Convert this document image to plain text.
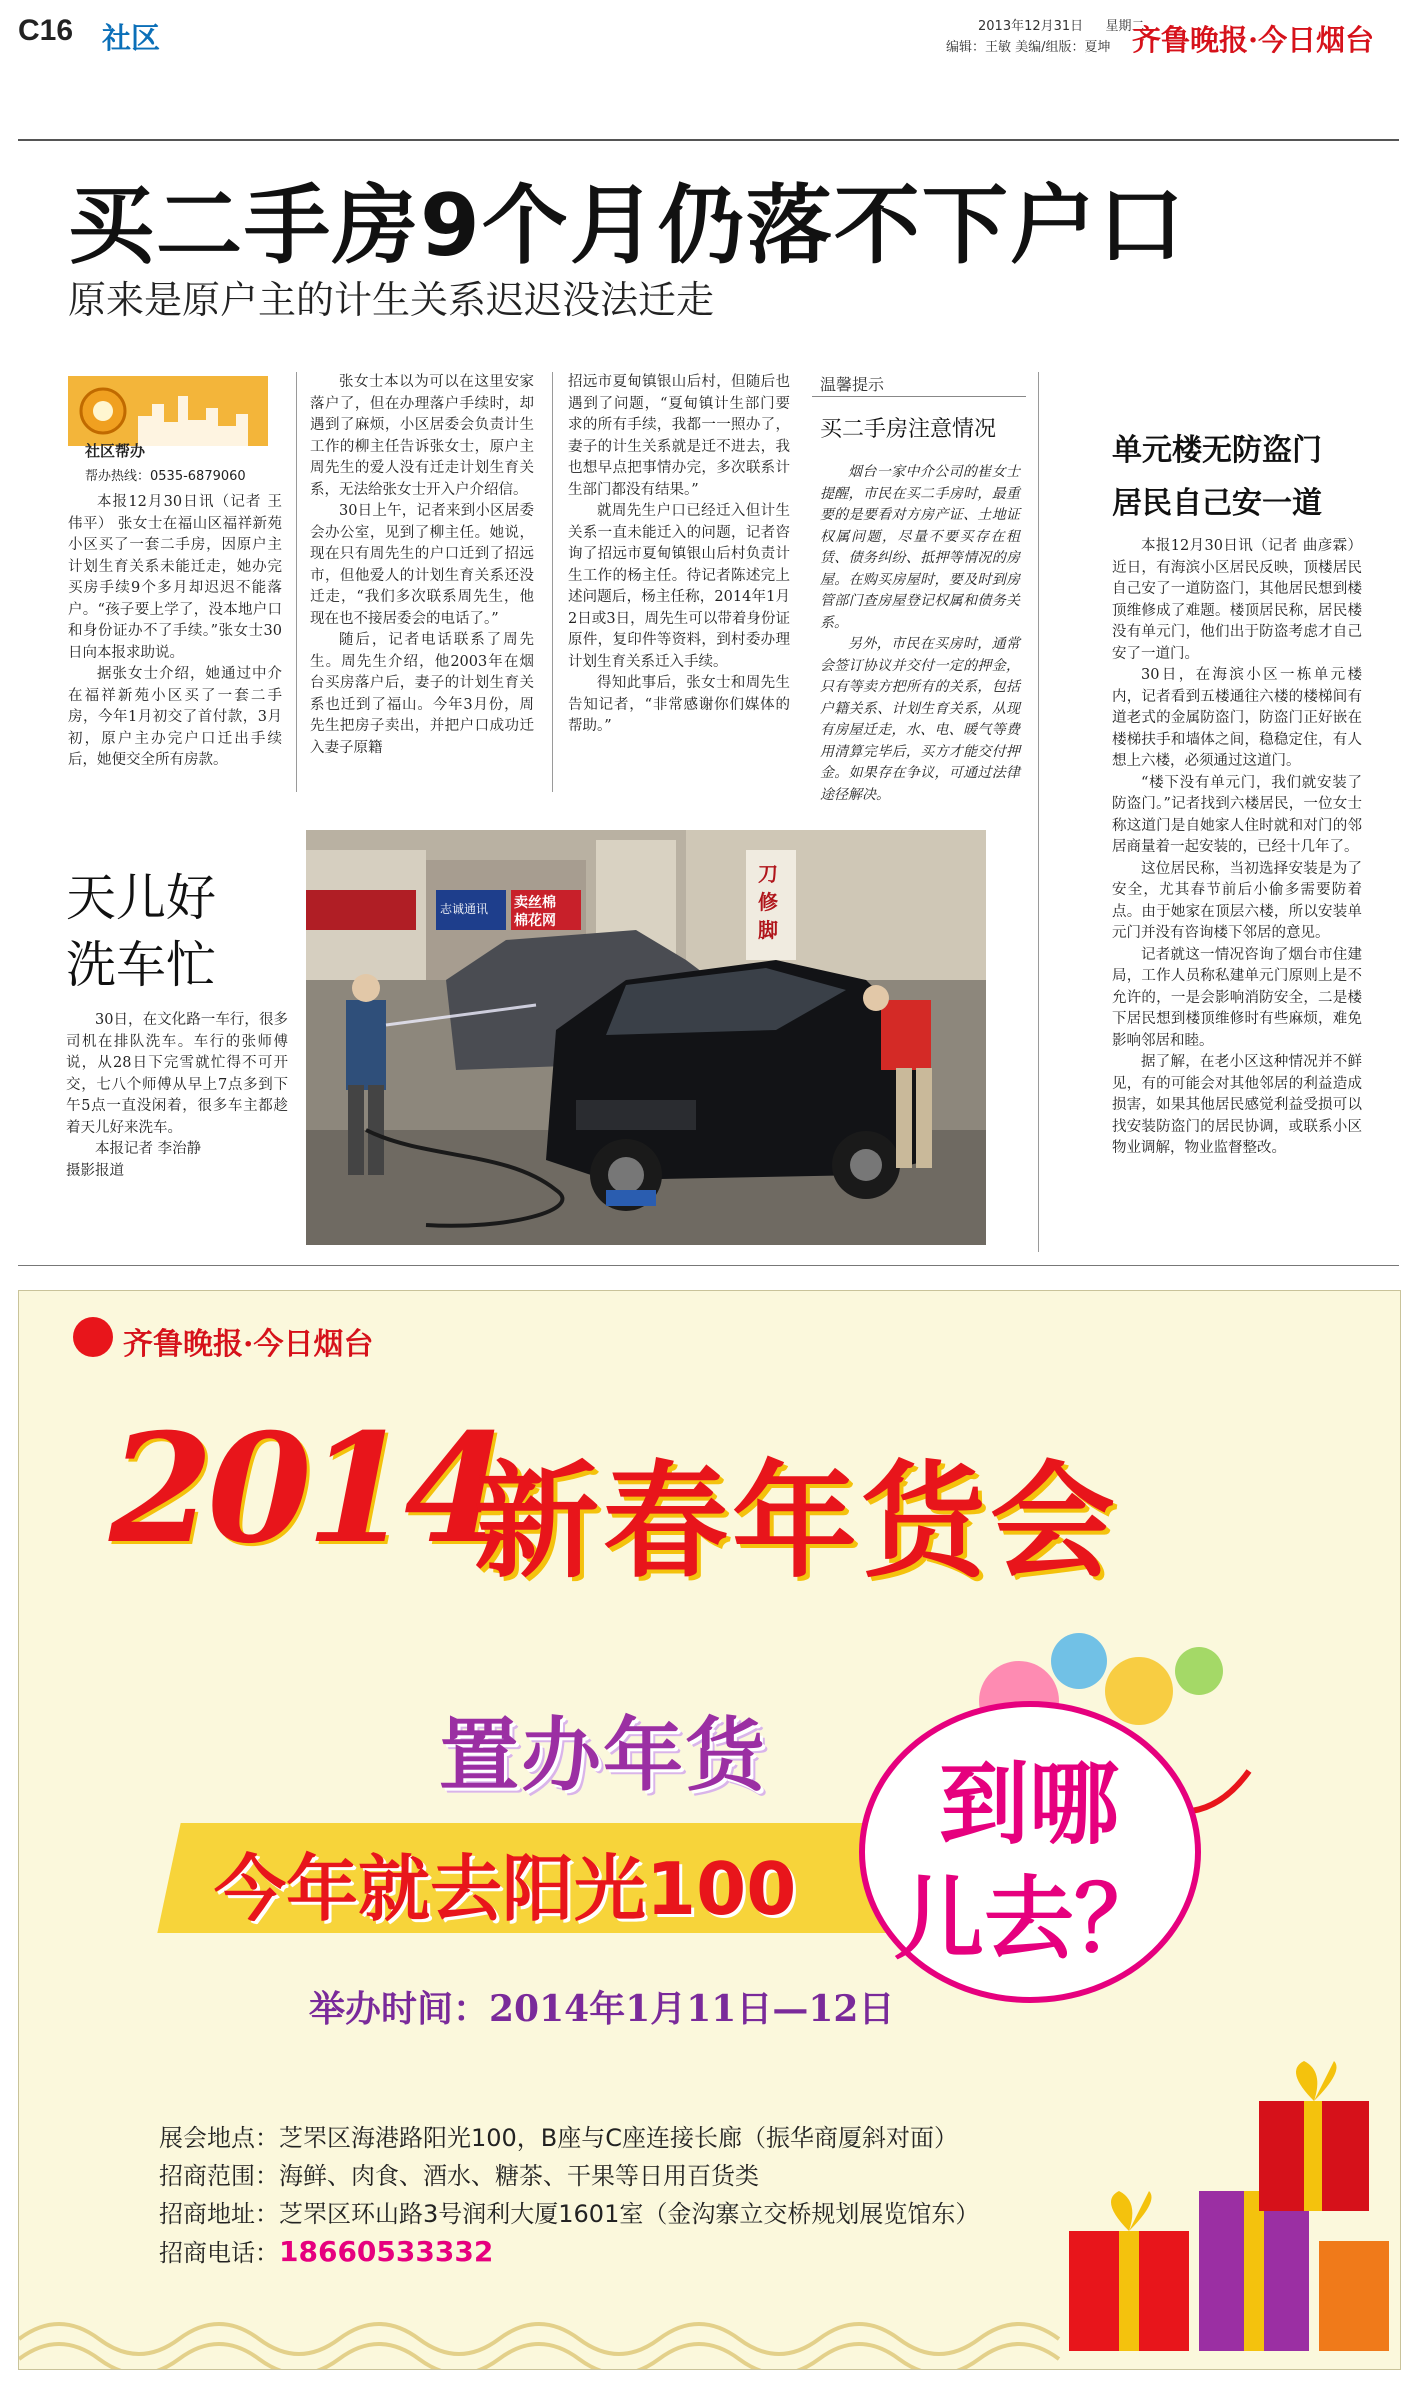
C16 社区	2013年12月31日 星期二
编辑：王敏 美编/组版：夏坤 齐鲁晚报·今日烟台
买二手房9个月仍落不下户口
原来是原户主的计生关系迟迟没法迁走
社区帮办
帮办热线：0535-6879060

本报12月30日讯（记者 王伟平） 张女士在福山区福祥新苑小区买了一套二手房，因原户主计划生育关系未能迁走，她办完买房手续9个多月却迟迟不能落户。“孩子要上学了，没本地户口和身份证办不了手续。”张女士30日向本报求助说。

据张女士介绍，她通过中介在福祥新苑小区买了一套二手房，今年1月初交了首付款，3月初，原户主办完户口迁出手续后，她便交全所有房款。

张女士本以为可以在这里安家落户了，但在办理落户手续时，却遇到了麻烦，小区居委会负责计生工作的柳主任告诉张女士，原户主周先生的爱人没有迁走计划生育关系，无法给张女士开入户介绍信。

30日上午，记者来到小区居委会办公室，见到了柳主任。她说，现在只有周先生的户口迁到了招远市，但他爱人的计划生育关系还没迁走，“我们多次联系周先生，他现在也不接居委会的电话了。”

随后，记者电话联系了周先生。周先生介绍，他2003年在烟台买房落户后，妻子的计划生育关系也迁到了福山。今年3月份，周先生把房子卖出，并把户口成功迁入妻子原籍

招远市夏甸镇银山后村，但随后也遇到了问题，“夏甸镇计生部门要求的所有手续，我都一一照办了，妻子的计生关系就是迁不进去，我也想早点把事情办完，多次联系计生部门都没有结果。”

就周先生户口已经迁入但计生关系一直未能迁入的问题，记者咨询了招远市夏甸镇银山后村负责计生工作的杨主任。待记者陈述完上述问题后，杨主任称，2014年1月2日或3日，周先生可以带着身份证原件，复印件等资料，到村委办理计划生育关系迁入手续。

得知此事后，张女士和周先生告知记者，“非常感谢你们媒体的帮助。”

温馨提示
买二手房注意情况

烟台一家中介公司的崔女士提醒，市民在买二手房时，最重要的是要看对方房产证、土地证权属问题，尽量不要买存在租赁、债务纠纷、抵押等情况的房屋。在购买房屋时，要及时到房管部门查房屋登记权属和债务关系。

另外，市民在买房时，通常会签订协议并交付一定的押金，只有等卖方把所有的关系，包括户籍关系、计划生育关系，从现有房屋迁走，水、电、暖气等费用清算完毕后，买方才能交付押金。如果存在争议，可通过法律途径解决。

单元楼无防盗门
居民自己安一道

本报12月30日讯（记者 曲彦霖） 近日，有海滨小区居民反映，顶楼居民自己安了一道防盗门，其他居民想到楼顶维修成了难题。楼顶居民称，居民楼没有单元门，他们出于防盗考虑才自己安了一道门。

30日，在海滨小区一栋单元楼内，记者看到五楼通往六楼的楼梯间有道老式的金属防盗门，防盗门正好嵌在楼梯扶手和墙体之间，稳稳定住，有人想上六楼，必须通过这道门。

“楼下没有单元门，我们就安装了防盗门。”记者找到六楼居民，一位女士称这道门是自她家人住时就和对门的邻居商量着一起安装的，已经十几年了。

这位居民称，当初选择安装是为了安全，尤其春节前后小偷多需要防着点。由于她家在顶层六楼，所以安装单元门并没有咨询楼下邻居的意见。

记者就这一情况咨询了烟台市住建局，工作人员称私建单元门原则上是不允许的，一是会影响消防安全，二是楼下居民想到楼顶维修时有些麻烦，难免影响邻居和睦。

据了解，在老小区这种情况并不鲜见，有的可能会对其他邻居的利益造成损害，如果其他居民感觉利益受损可以找安装防盗门的居民协调，或联系小区物业调解，物业监督整改。

天儿好
洗车忙

30日，在文化路一车行，很多司机在排队洗车。车行的张师傅说，从28日下完雪就忙得不可开交，七八个师傅从早上7点多到下午5点一直没闲着，很多车主都趁着天儿好来洗车。

本报记者 李治静

摄影报道
刀
修
脚
卖丝棉
棉花网
志诚通讯
齐鲁晚报·今日烟台
2014
新春年货会
置办年货
今年就去阳光100
到哪
儿去？
举办时间：2014年1月11日—12日
展会地点：芝罘区海港路阳光100，B座与C座连接长廊（振华商厦斜对面）
招商范围：海鲜、肉食、酒水、糖茶、干果等日用百货类
招商地址：芝罘区环山路3号润利大厦1601室（金沟寨立交桥规划展览馆东）
招商电话：18660533332
